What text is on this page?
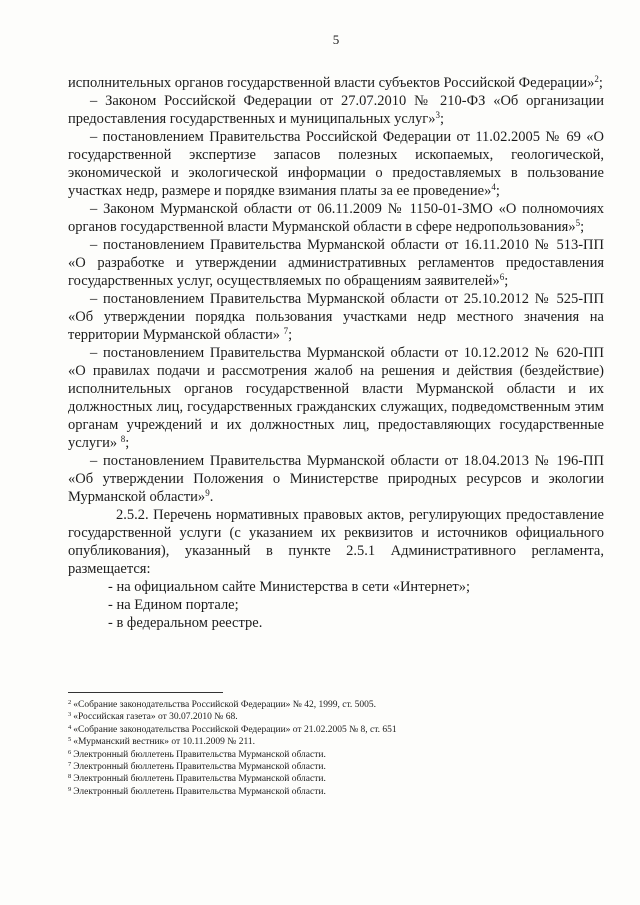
5

исполнительных органов государственной власти субъектов Российской Федерации»$^2$;

– Законом Российской Федерации от 27.07.2010 № 210-ФЗ «Об организации предоставления государственных и муниципальных услуг»$^3$;

– постановлением Правительства Российской Федерации от 11.02.2005 № 69 «О государственной экспертизе запасов полезных ископаемых, геологической, экономической и экологической информации о предоставляемых в пользование участках недр, размере и порядке взимания платы за ее проведение»$^4$;

– Законом Мурманской области от 06.11.2009 № 1150-01-ЗМО «О полномочиях органов государственной власти Мурманской области в сфере недропользования»$^5$;

– постановлением Правительства Мурманской области от 16.11.2010 № 513-ПП «О разработке и утверждении административных регламентов предоставления государственных услуг, осуществляемых по обращениям заявителей»$^6$;

– постановлением Правительства Мурманской области от 25.10.2012 № 525-ПП «Об утверждении порядка пользования участками недр местного значения на территории Мурманской области» $^7$;

– постановлением Правительства Мурманской области от 10.12.2012 № 620-ПП «О правилах подачи и рассмотрения жалоб на решения и действия (бездействие) исполнительных органов государственной власти Мурманской области и их должностных лиц, государственных гражданских служащих, подведомственным этим органам учреждений и их должностных лиц, предоставляющих государственные услуги» $^8$;

– постановлением Правительства Мурманской области от 18.04.2013 № 196-ПП «Об утверждении Положения о Министерстве природных ресурсов и экологии Мурманской области»$^9$.

2.5.2. Перечень нормативных правовых актов, регулирующих предоставление государственной услуги (с указанием их реквизитов и источников официального опубликования), указанный в пункте 2.5.1 Административного регламента, размещается:

- на официальном сайте Министерства в сети «Интернет»;
- на Едином портале;
- в федеральном реестре.
$^2$ «Собрание законодательства Российской Федерации» № 42, 1999, ст. 5005.
$^3$ «Российская газета» от 30.07.2010 № 68.
$^4$ «Собрание законодательства Российской Федерации» от 21.02.2005 № 8, ст. 651
$^5$ «Мурманский вестник» от 10.11.2009 № 211.
$^6$ Электронный бюллетень Правительства Мурманской области.
$^7$ Электронный бюллетень Правительства Мурманской области.
$^8$ Электронный бюллетень Правительства Мурманской области.
$^9$ Электронный бюллетень Правительства Мурманской области.
